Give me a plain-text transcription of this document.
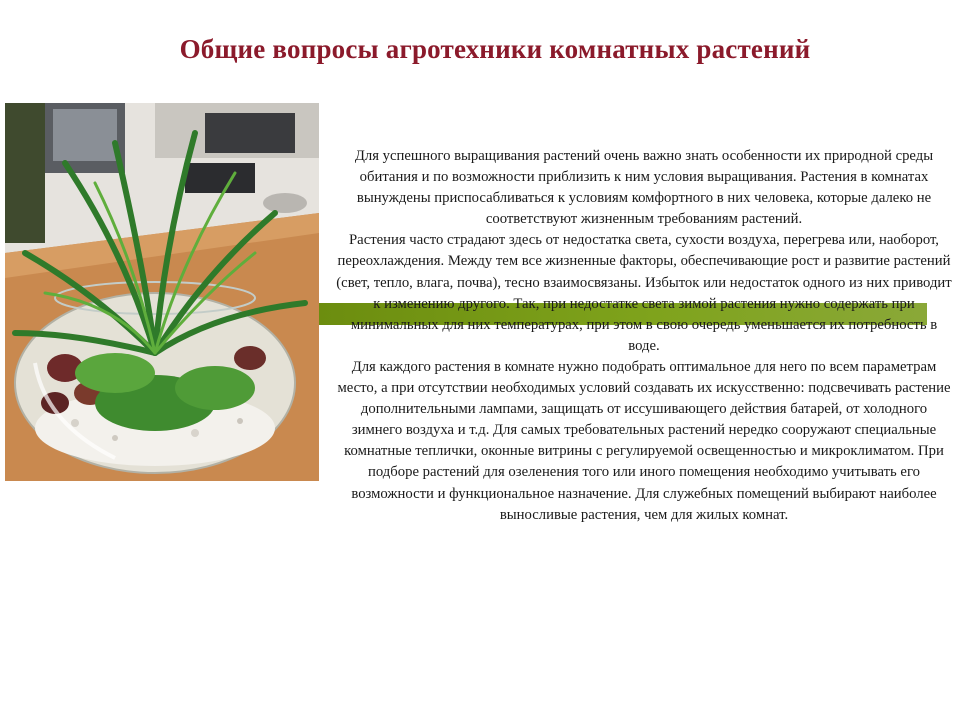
Общие вопросы агротехники комнатных растений

Для успешного выращивания растений очень важно знать особенности их природной среды обитания и по возможности приблизить к ним условия выращивания. Растения в комнатах вынуждены приспосабливаться к условиям комфортного в них человека, которые далеко не соответствуют жизненным требованиям растений.

Растения часто страдают здесь от недостатка света, сухости воздуха, перегрева или, наоборот, переохлаждения. Между тем все жизненные факторы, обеспечивающие рост и развитие растений (свет, тепло, влага, почва), тесно взаимосвязаны. Избыток или недостаток одного из них приводит к изменению другого. Так, при недостатке света зимой растения нужно содержать при минимальных для них температурах, при этом в свою очередь уменьшается их потребность в воде.

Для каждого растения в комнате нужно подобрать оптимальное для него по всем параметрам место, а при отсутствии необходимых условий создавать их искусственно: подсвечивать растение дополнительными лампами, защищать от иссушивающего действия батарей, от холодного зимнего воздуха и т.д. Для самых требовательных растений нередко сооружают специальные комнатные теплички, оконные витрины с регулируемой освещенностью и микроклиматом. При подборе растений для озеленения того или иного помещения необходимо учитывать его возможности и функциональное назначение. Для служебных помещений выбирают наиболее выносливые растения, чем для жилых комнат.
